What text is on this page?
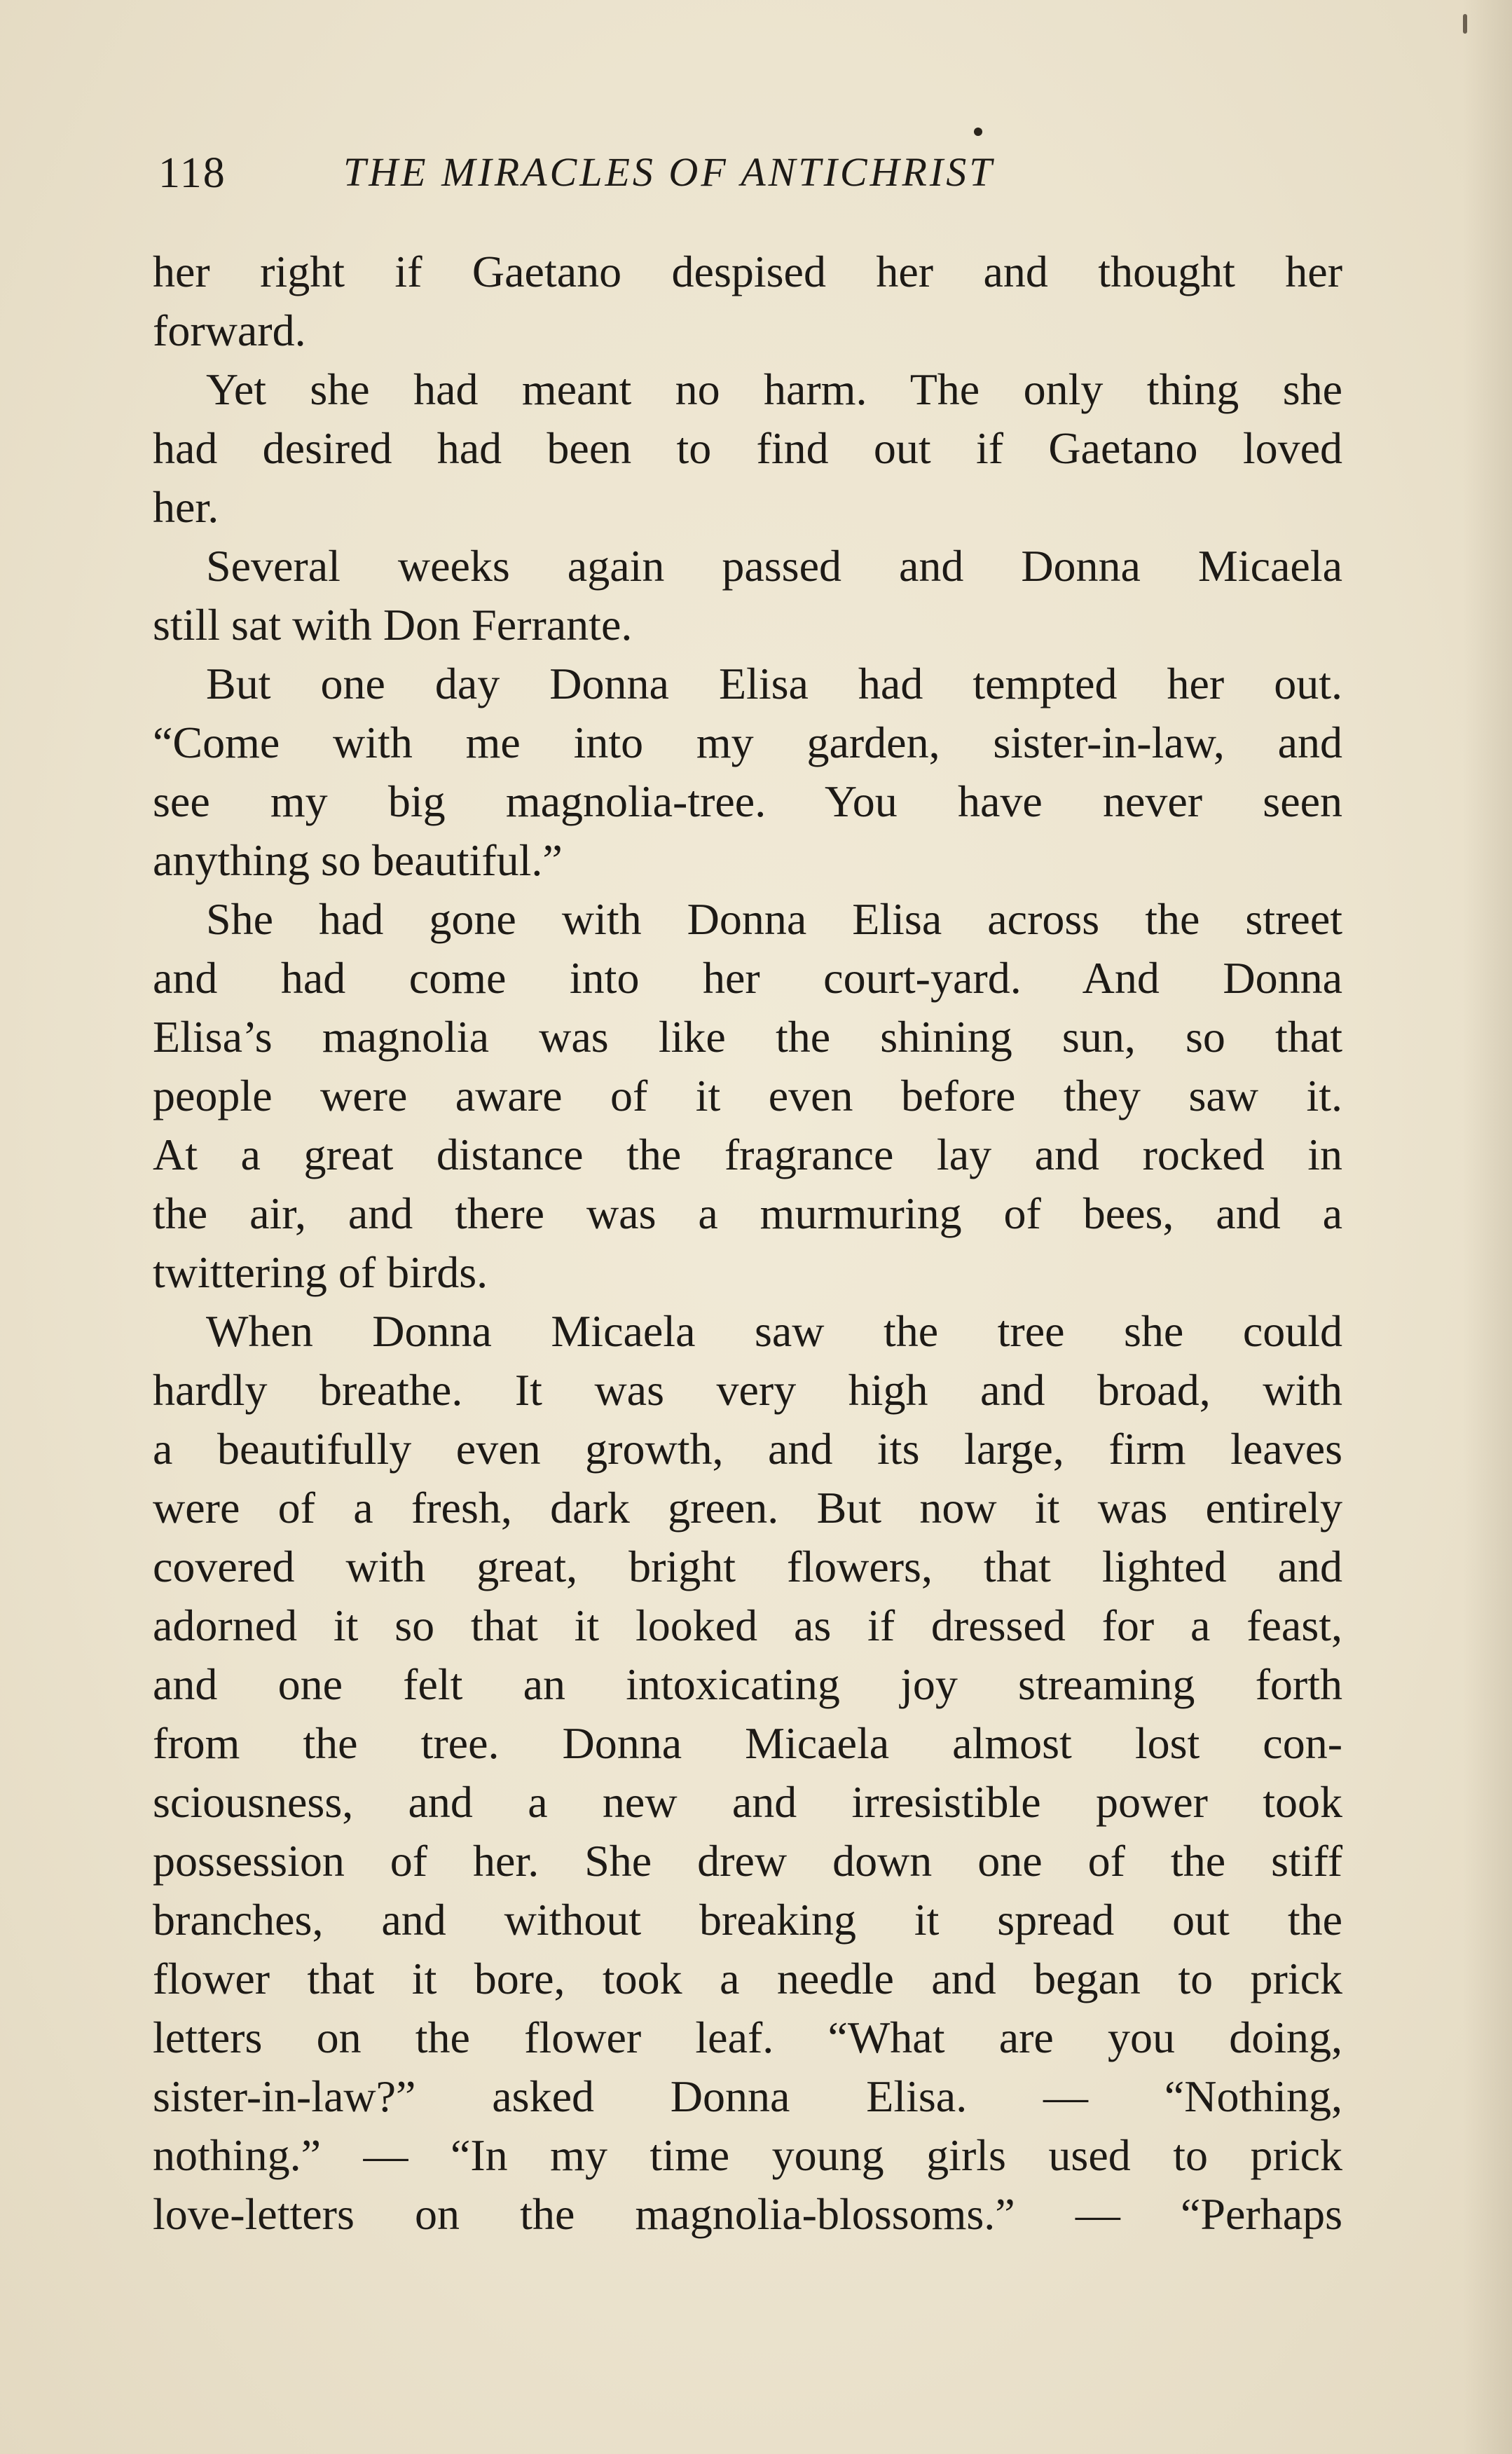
118	THE MIRACLES OF ANTICHRIST
her right if Gaetano despised her and thought her
forward.
Yet she had meant no harm. The only thing she
had desired had been to find out if Gaetano loved
her.
Several weeks again passed and Donna Micaela
still sat with Don Ferrante.
But one day Donna Elisa had tempted her out.
“Come with me into my garden, sister-in-law, and
see my big magnolia-tree. You have never seen
anything so beautiful.”
She had gone with Donna Elisa across the street
and had come into her court-yard. And Donna
Elisa’s magnolia was like the shining sun, so that
people were aware of it even before they saw it.
At a great distance the fragrance lay and rocked in
the air, and there was a murmuring of bees, and a
twittering of birds.
When Donna Micaela saw the tree she could
hardly breathe. It was very high and broad, with
a beautifully even growth, and its large, firm leaves
were of a fresh, dark green. But now it was entirely
covered with great, bright flowers, that lighted and
adorned it so that it looked as if dressed for a feast,
and one felt an intoxicating joy streaming forth
from the tree. Donna Micaela almost lost con-
sciousness, and a new and irresistible power took
possession of her. She drew down one of the stiff
branches, and without breaking it spread out the
flower that it bore, took a needle and began to prick
letters on the flower leaf. “What are you doing,
sister-in-law?” asked Donna Elisa. — “Nothing,
nothing.” — “In my time young girls used to prick
love-letters on the magnolia-blossoms.” — “Perhaps
